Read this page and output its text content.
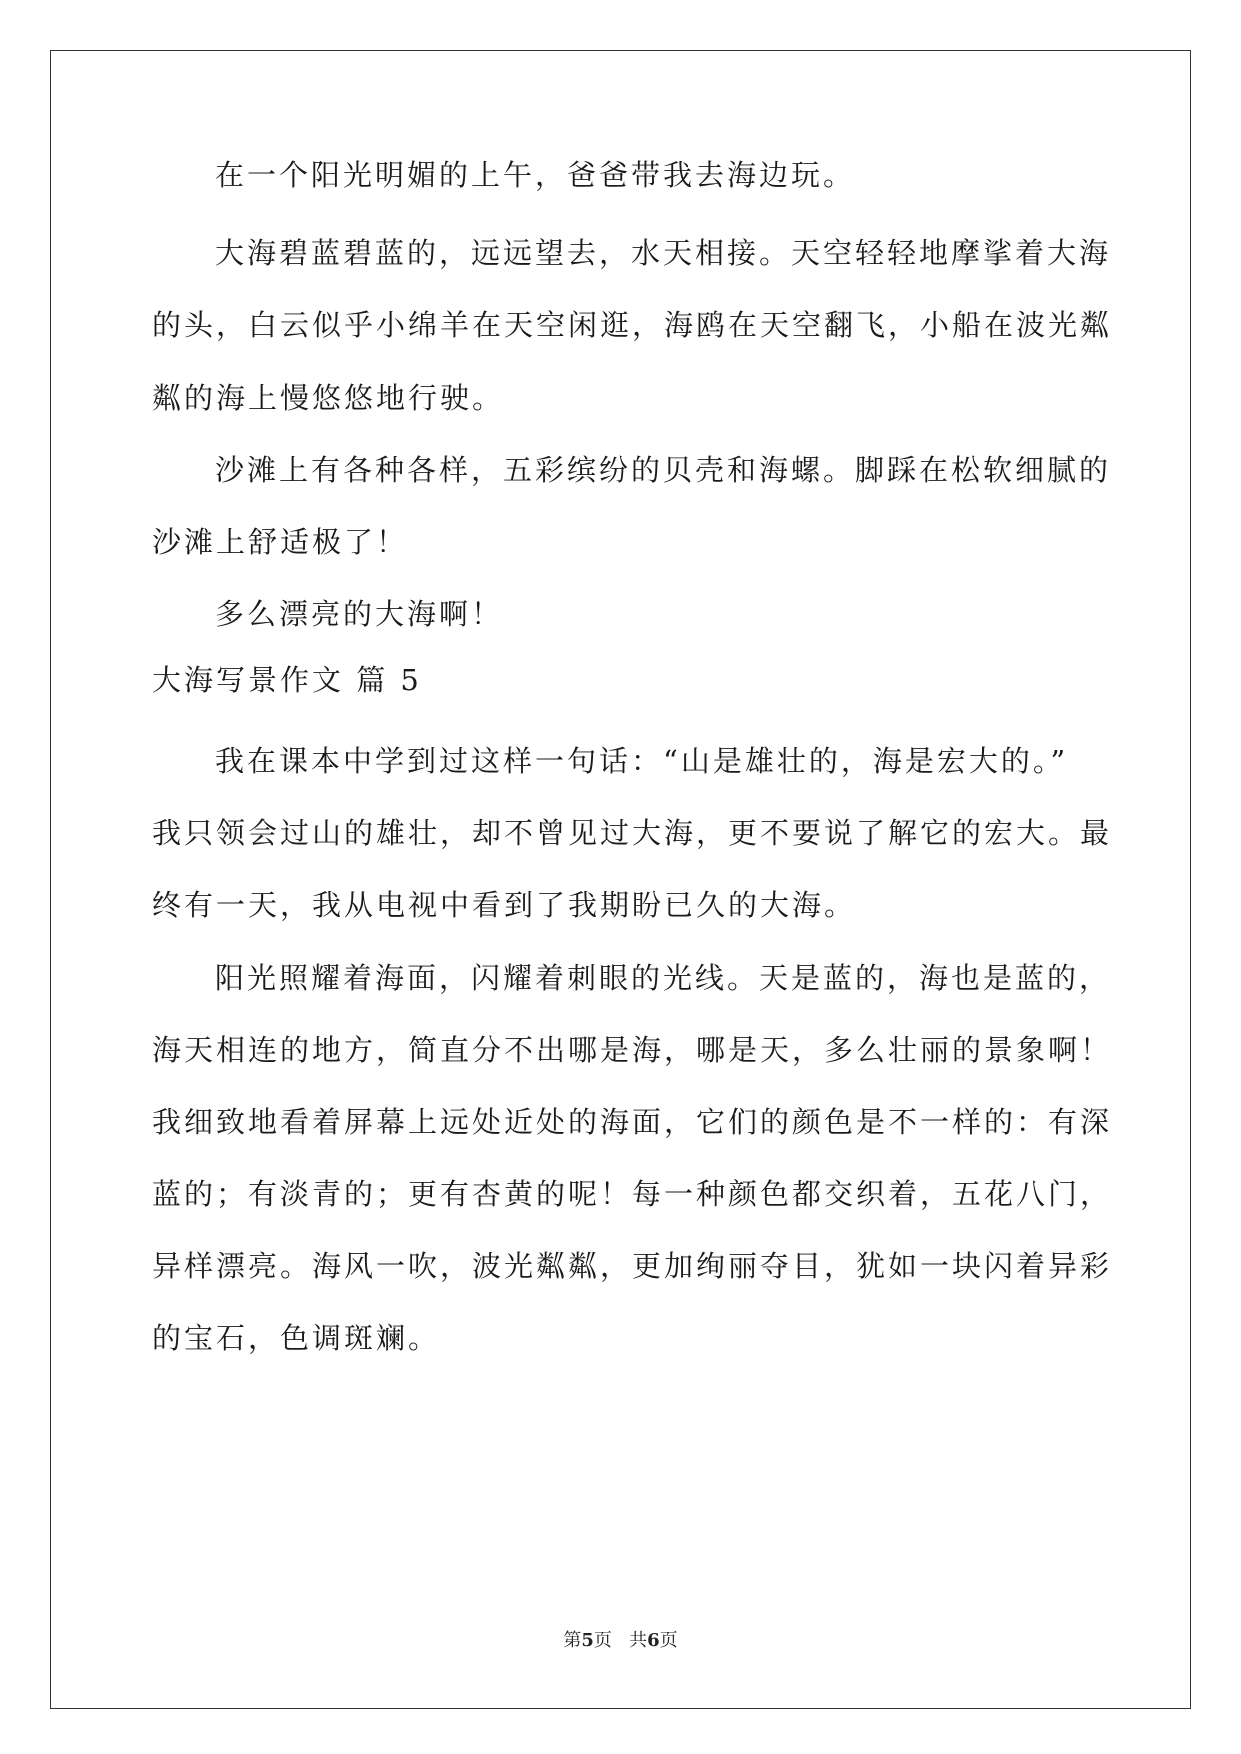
在一个阳光明媚的上午，爸爸带我去海边玩。
大海碧蓝碧蓝的，远远望去，水天相接。天空轻轻地摩挲着大海
的头，白云似乎小绵羊在天空闲逛，海鸥在天空翻飞，小船在波光粼
粼的海上慢悠悠地行驶。
沙滩上有各种各样，五彩缤纷的贝壳和海螺。脚踩在松软细腻的
沙滩上舒适极了！
多么漂亮的大海啊！
大海写景作文 篇 5
我在课本中学到过这样一句话：“山是雄壮的，海是宏大的。”
我只领会过山的雄壮，却不曾见过大海，更不要说了解它的宏大。最
终有一天，我从电视中看到了我期盼已久的大海。
阳光照耀着海面，闪耀着刺眼的光线。天是蓝的，海也是蓝的，
海天相连的地方，简直分不出哪是海，哪是天，多么壮丽的景象啊！
我细致地看着屏幕上远处近处的海面，它们的颜色是不一样的：有深
蓝的；有淡青的；更有杏黄的呢！每一种颜色都交织着，五花八门，
异样漂亮。海风一吹，波光粼粼，更加绚丽夺目，犹如一块闪着异彩
的宝石，色调斑斓。
第5页   共6页
